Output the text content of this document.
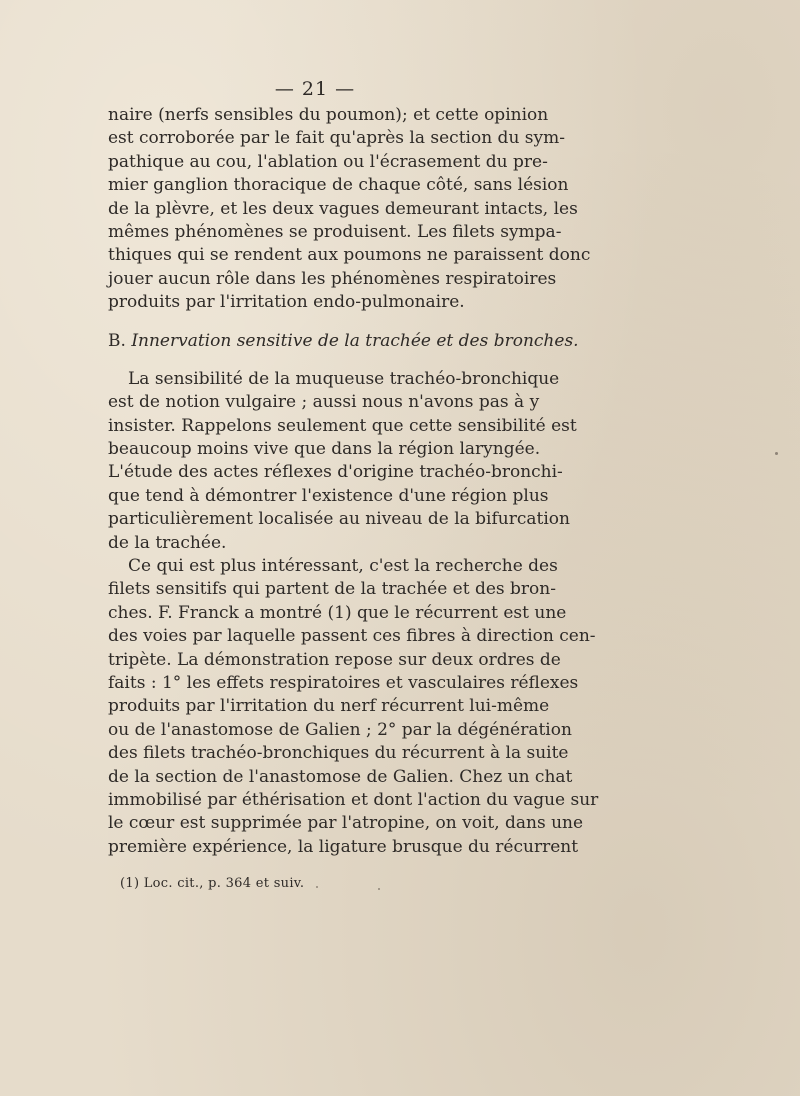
— 21 —
naire (nerfs sensibles du poumon); et cette opinion
est corroborée par le fait qu'après la section du sym-
pathique au cou, l'ablation ou l'écrasement du pre-
mier ganglion thoracique de chaque côté, sans lésion
de la plèvre, et les deux vagues demeurant intacts, les
mêmes phénomènes se produisent. Les filets sympa-
thiques qui se rendent aux poumons ne paraissent donc
jouer aucun rôle dans les phénomènes respiratoires
produits par l'irritation endo-pulmonaire.
B. Innervation sensitive de la trachée et des bronches.
La sensibilité de la muqueuse trachéo-bronchique
est de notion vulgaire ; aussi nous n'avons pas à y
insister. Rappelons seulement que cette sensibilité est
beaucoup moins vive que dans la région laryngée.
L'étude des actes réflexes d'origine trachéo-bronchi-
que tend à démontrer l'existence d'une région plus
particulièrement localisée au niveau de la bifurcation
de la trachée.
Ce qui est plus intéressant, c'est la recherche des
filets sensitifs qui partent de la trachée et des bron-
ches. F. Franck a montré (1) que le récurrent est une
des voies par laquelle passent ces fibres à direction cen-
tripète. La démonstration repose sur deux ordres de
faits : 1° les effets respiratoires et vasculaires réflexes
produits par l'irritation du nerf récurrent lui-même
ou de l'anastomose de Galien ; 2° par la dégénération
des filets trachéo-bronchiques du récurrent à la suite
de la section de l'anastomose de Galien. Chez un chat
immobilisé par éthérisation et dont l'action du vague sur
le cœur est supprimée par l'atropine, on voit, dans une
première expérience, la ligature brusque du récurrent
(1) Loc. cit., p. 364 et suiv.
